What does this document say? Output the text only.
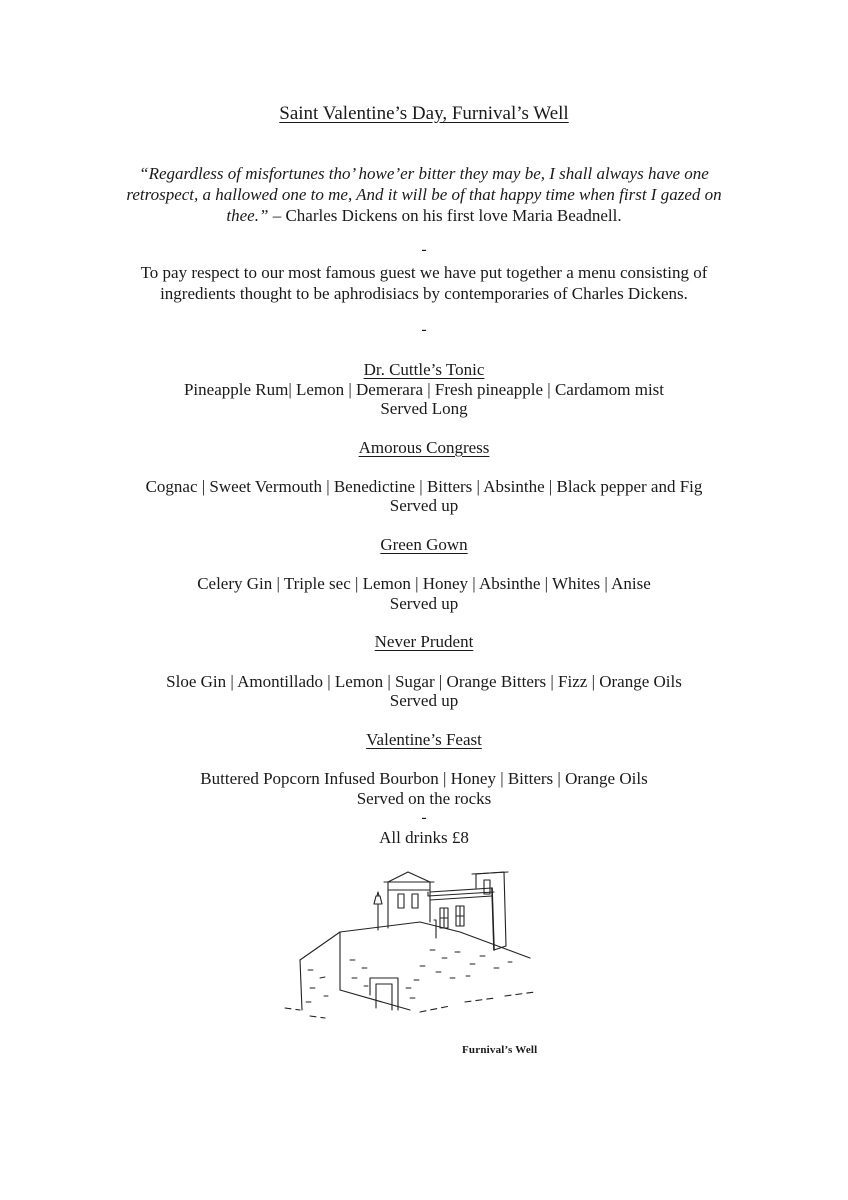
Saint Valentine’s Day, Furnival’s Well
“Regardless of misfortunes tho’ howe’er bitter they may be, I shall always have one retrospect, a hallowed one to me, And it will be of that happy time when first I gazed on thee.” – Charles Dickens on his first love Maria Beadnell.
-
To pay respect to our most famous guest we have put together a menu consisting of ingredients thought to be aphrodisiacs by contemporaries of Charles Dickens.
-
Dr. Cuttle’s Tonic
Pineapple Rum| Lemon | Demerara | Fresh pineapple | Cardamom mist
Served Long
Amorous Congress
Cognac | Sweet Vermouth | Benedictine | Bitters | Absinthe | Black pepper and Fig
Served up
Green Gown
Celery Gin | Triple sec | Lemon | Honey | Absinthe | Whites | Anise
Served up
Never Prudent
Sloe Gin | Amontillado | Lemon | Sugar | Orange Bitters | Fizz | Orange Oils
Served up
Valentine’s Feast
Buttered Popcorn Infused Bourbon | Honey | Bitters | Orange Oils
Served on the rocks
-
All drinks £8
Furnival’s Well
